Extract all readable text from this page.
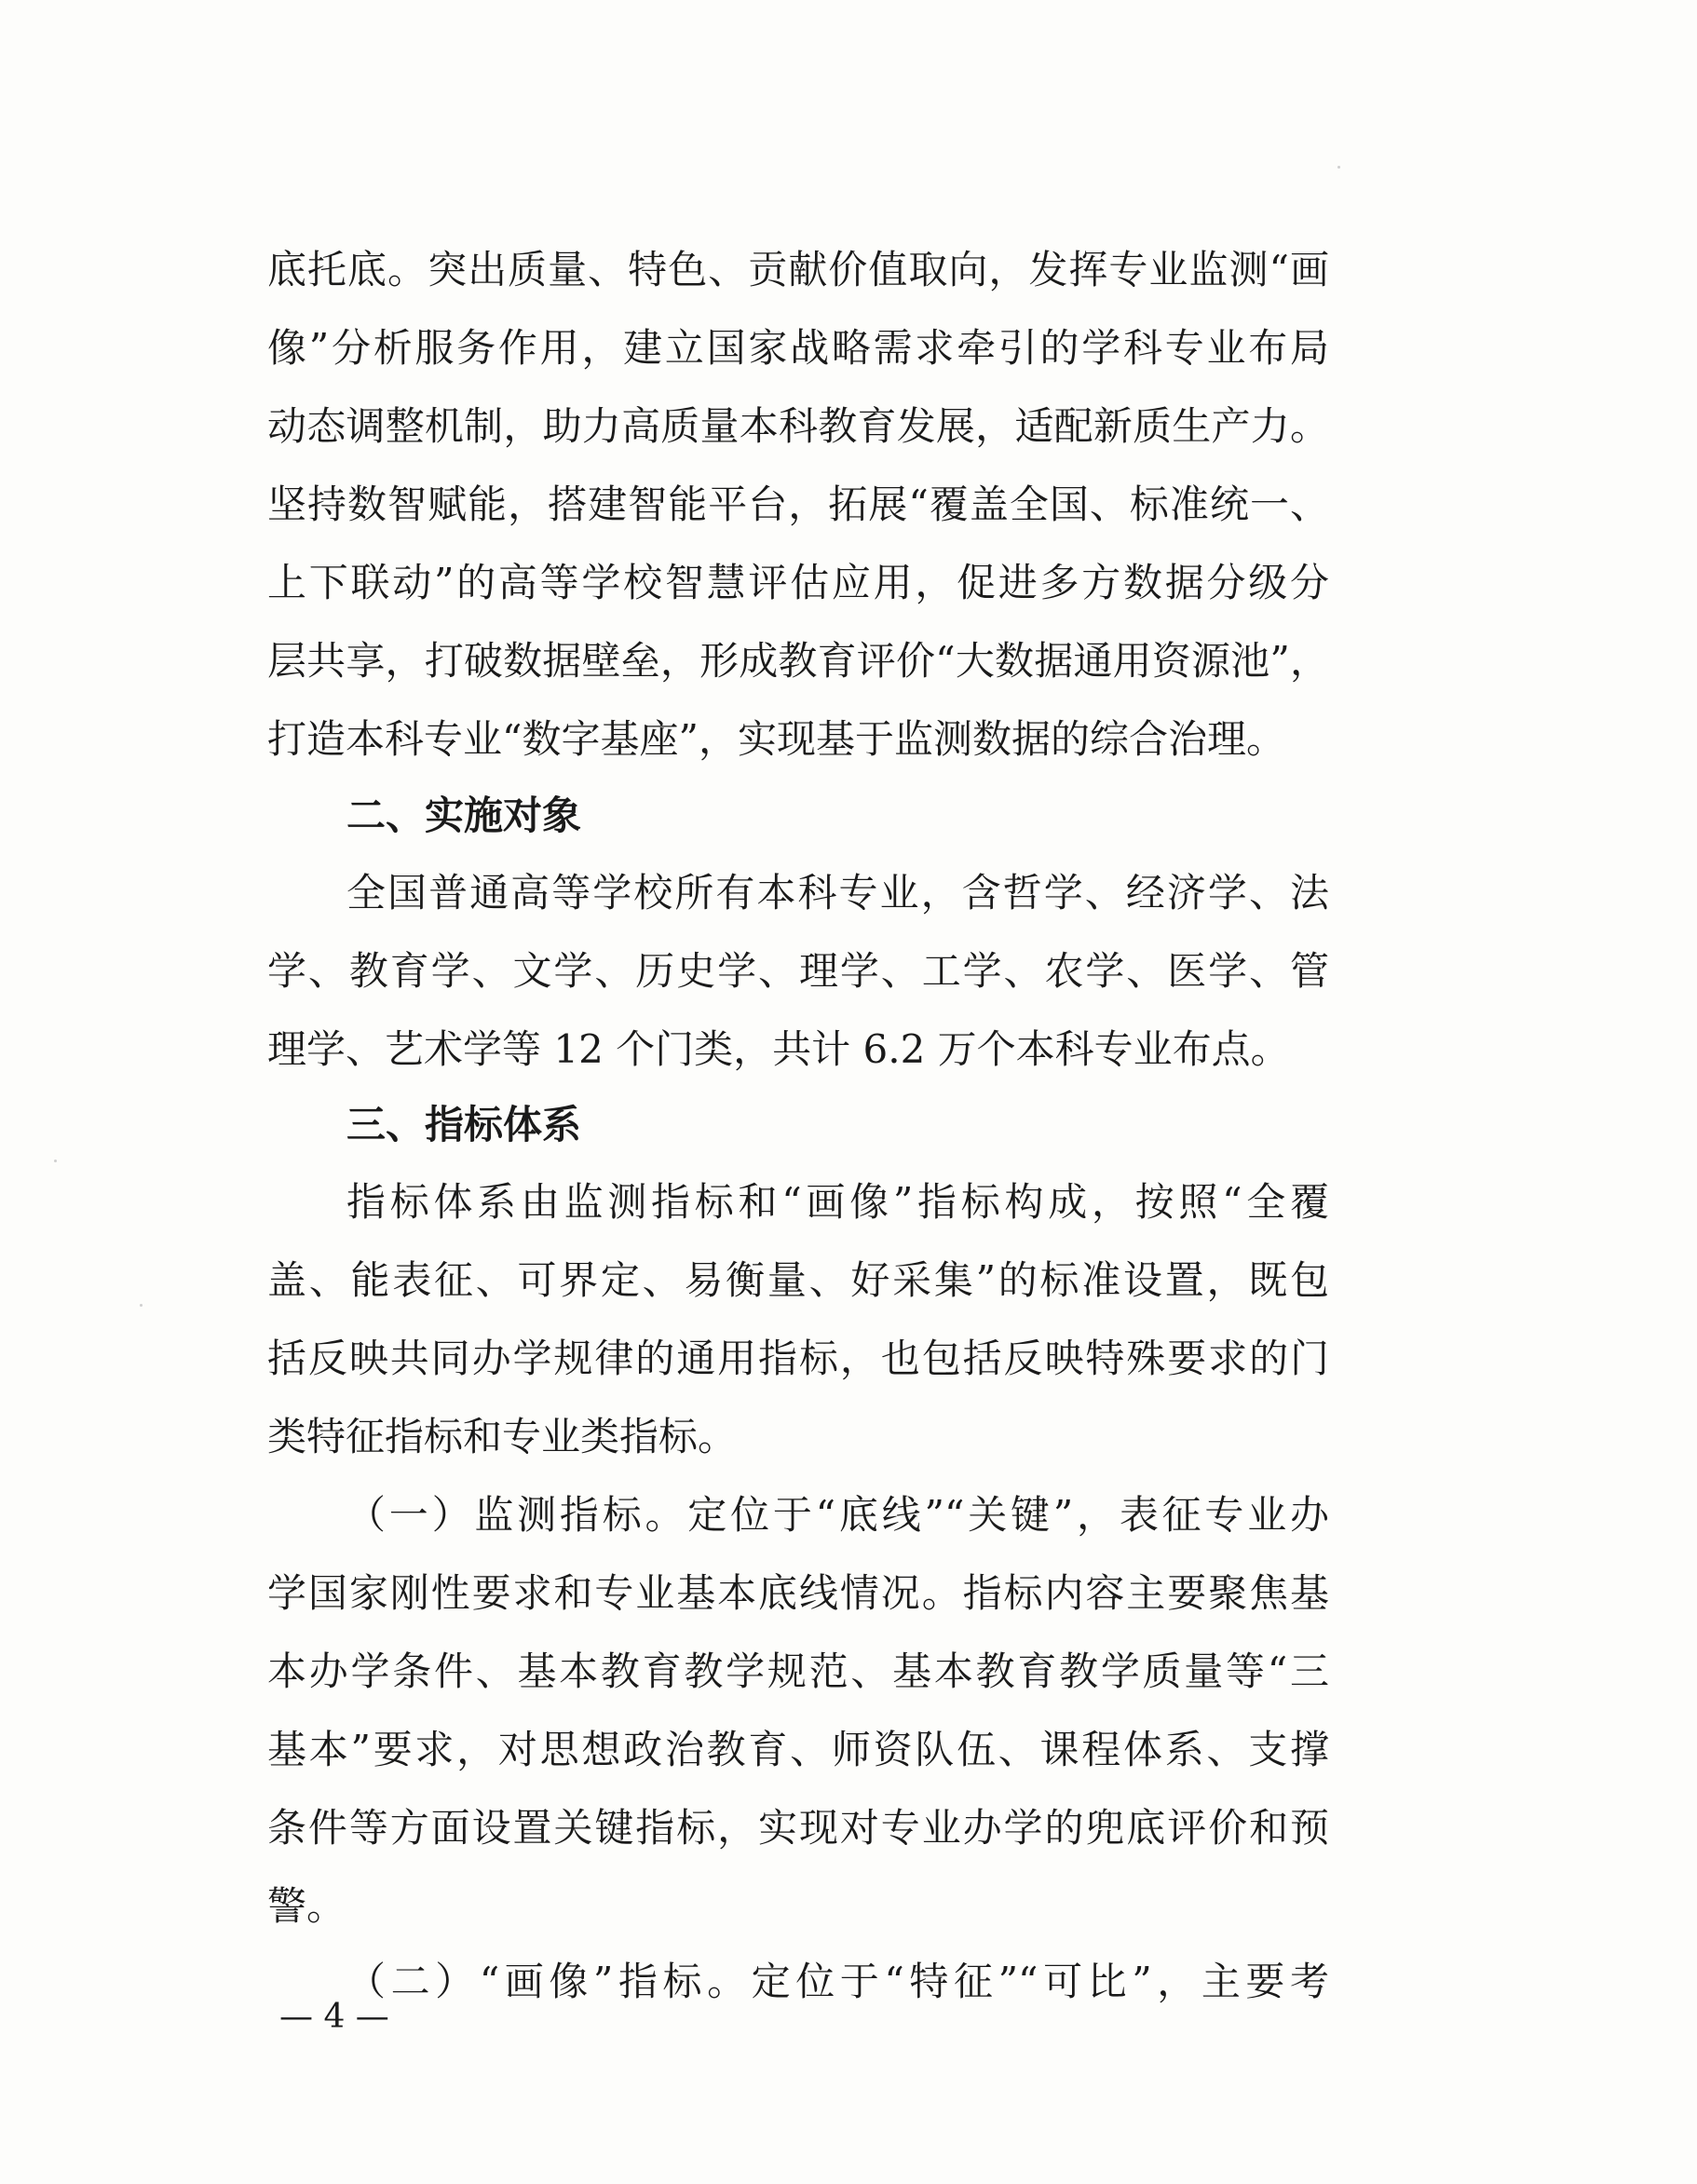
底托底。突出质量、特色、贡献价值取向，发挥专业监测“画
像”分析服务作用，建立国家战略需求牵引的学科专业布局
动态调整机制，助力高质量本科教育发展，适配新质生产力。
坚持数智赋能，搭建智能平台，拓展“覆盖全国、标准统一、
上下联动”的高等学校智慧评估应用，促进多方数据分级分
层共享，打破数据壁垒，形成教育评价“大数据通用资源池”，
打造本科专业“数字基座”，实现基于监测数据的综合治理。
二、实施对象
全国普通高等学校所有本科专业，含哲学、经济学、法
学、教育学、文学、历史学、理学、工学、农学、医学、管
理学、艺术学等 12 个门类，共计 6.2 万个本科专业布点。
三、指标体系
指标体系由监测指标和“画像”指标构成，按照“全覆
盖、能表征、可界定、易衡量、好采集”的标准设置，既包
括反映共同办学规律的通用指标，也包括反映特殊要求的门
类特征指标和专业类指标。
（一）监测指标。定位于“底线”“关键”，表征专业办
学国家刚性要求和专业基本底线情况。指标内容主要聚焦基
本办学条件、基本教育教学规范、基本教育教学质量等“三
基本”要求，对思想政治教育、师资队伍、课程体系、支撑
条件等方面设置关键指标，实现对专业办学的兜底评价和预
警。
（二）“画像”指标。定位于“特征”“可比”，主要考
— 4 —
